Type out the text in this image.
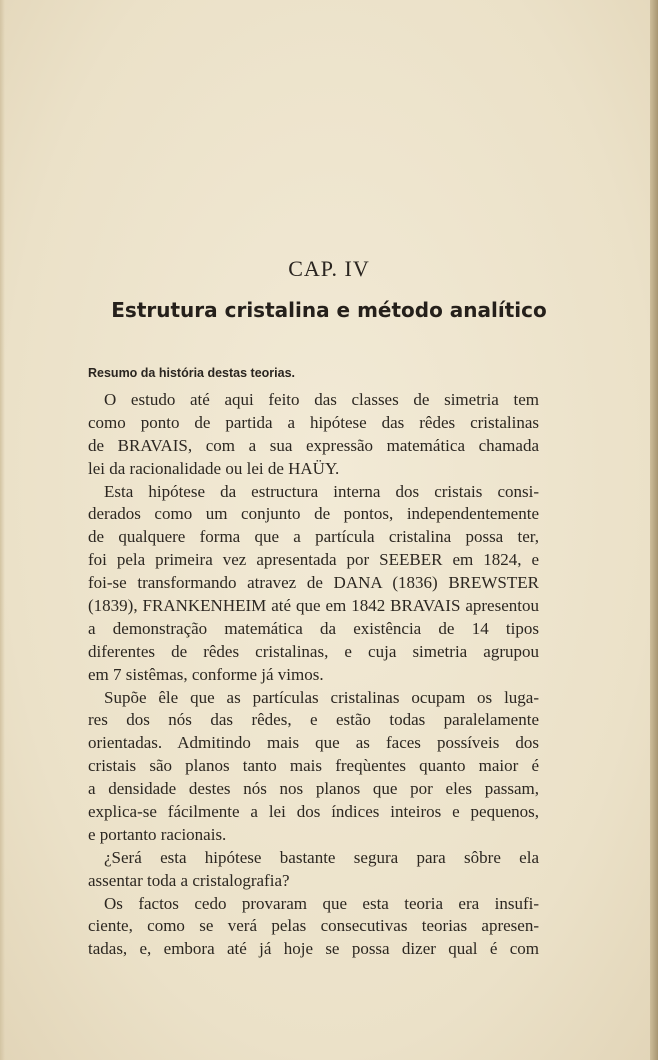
CAP. IV
Estrutura cristalina e método analítico
Resumo da história destas teorias.
O estudo até aqui feito das classes de simetria tem
como ponto de partida a hipótese das rêdes cristalinas
de BRAVAIS, com a sua expressão matemática chamada
lei da racionalidade ou lei de HAÜY.
Esta hipótese da estructura interna dos cristais consi-
derados como um conjunto de pontos, independentemente
de qualquere forma que a partícula cristalina possa ter,
foi pela primeira vez apresentada por SEEBER em 1824, e
foi-se transformando atravez de DANA (1836) BREWSTER
(1839), FRANKENHEIM até que em 1842 BRAVAIS apresentou
a demonstração matemática da existência de 14 tipos
diferentes de rêdes cristalinas, e cuja simetria agrupou
em 7 sistêmas, conforme já vimos.
Supõe êle que as partículas cristalinas ocupam os luga-
res dos nós das rêdes, e estão todas paralelamente
orientadas. Admitindo mais que as faces possíveis dos
cristais são planos tanto mais freqùentes quanto maior é
a densidade destes nós nos planos que por eles passam,
explica-se fácilmente a lei dos índices inteiros e pequenos,
e portanto racionais.
¿Será esta hipótese bastante segura para sôbre ela
assentar toda a cristalografia?
Os factos cedo provaram que esta teoria era insufi-
ciente, como se verá pelas consecutivas teorias apresen-
tadas, e, embora até já hoje se possa dizer qual é com
